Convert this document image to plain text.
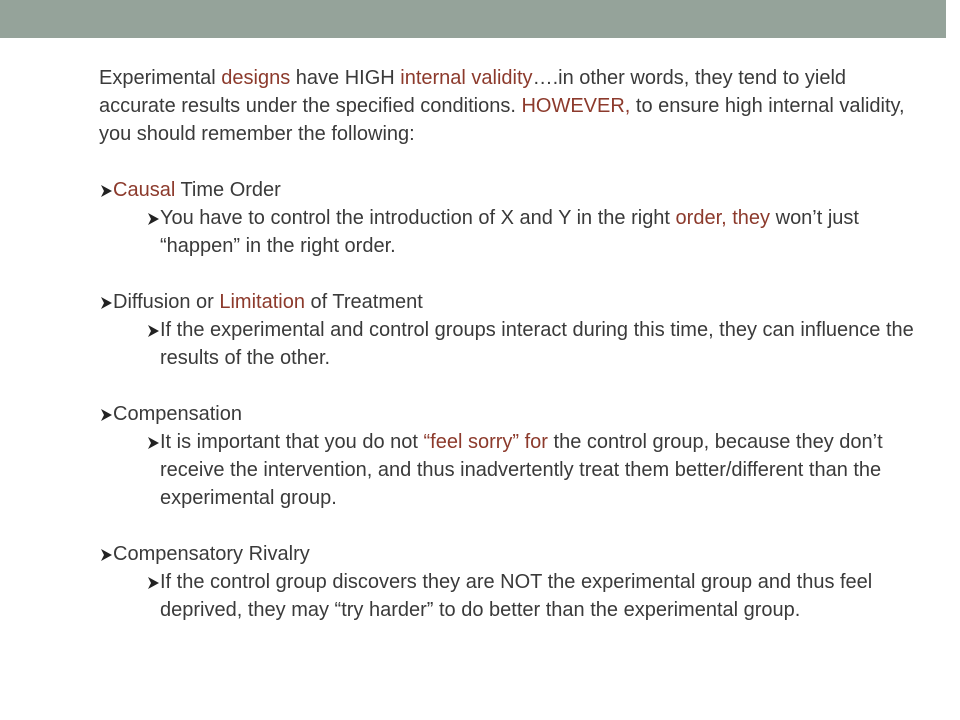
Experimental designs have HIGH internal validity….in other words, they tend to yield accurate results under the specified conditions. HOWEVER, to ensure high internal validity, you should remember the following:

Causal Time Order
You have to control the introduction of X and Y in the right order, they won’t just “happen” in the right order.
Diffusion or Limitation of Treatment
If the experimental and control groups interact during this time, they can influence the results of the other.
Compensation
It is important that you do not “feel sorry” for the control group, because they don’t receive the intervention, and thus inadvertently treat them better/different than the experimental group.
Compensatory Rivalry
If the control group discovers they are NOT the experimental group and thus feel deprived, they may “try harder” to do better than the experimental group.
